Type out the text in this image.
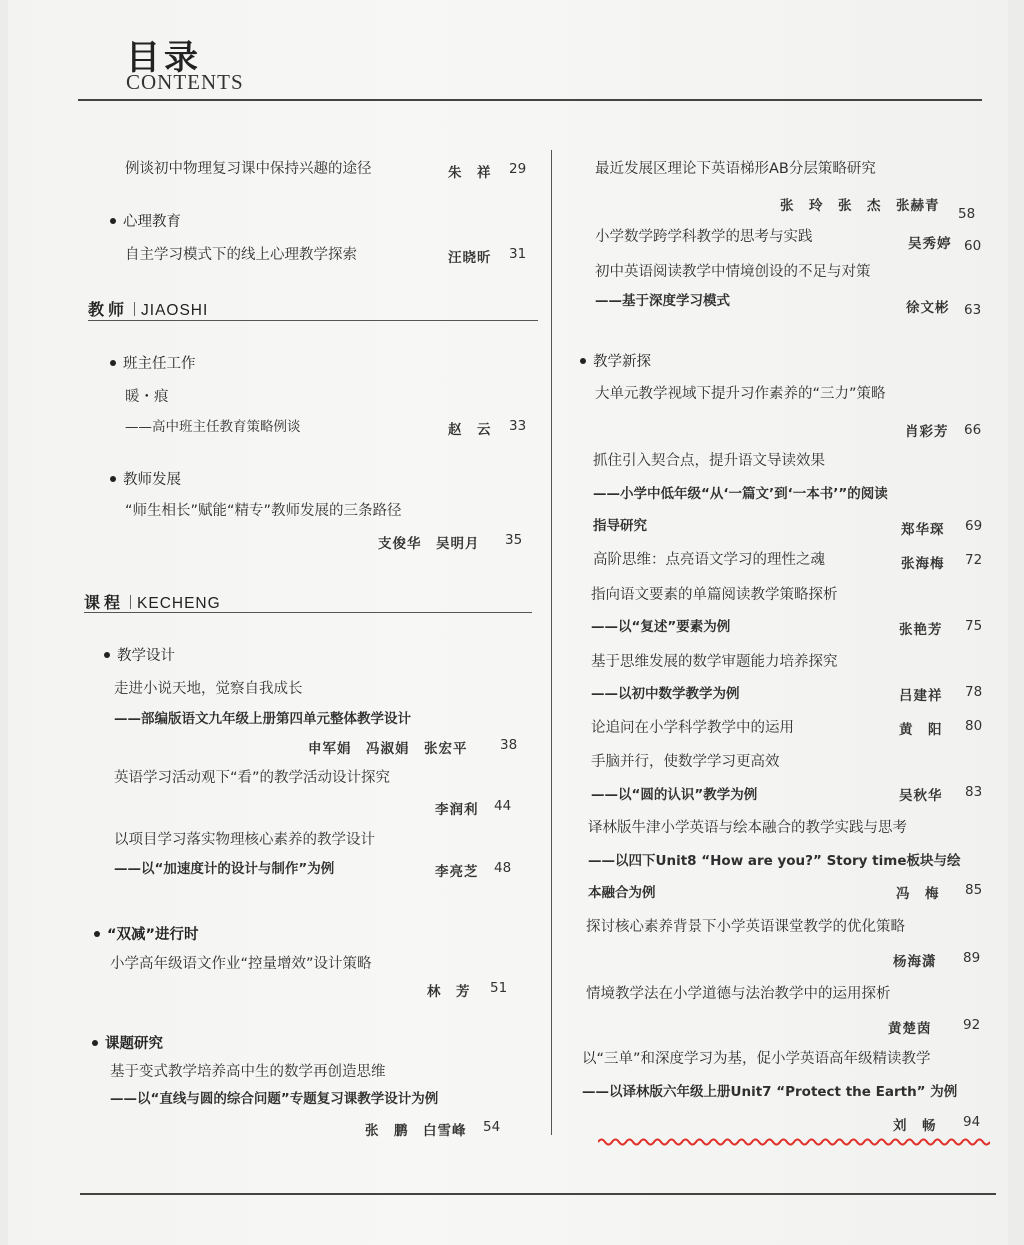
目录
CONTENTS
例谈初中物理复习课中保持兴趣的途径	朱　祥 29
心理教育
自主学习模式下的线上心理教学探索	汪晓昕 31
教师 JIAOSHI
班主任工作
暖・痕
——高中班主任教育策略例谈	赵　云 33
教师发展
“师生相长”赋能“精专”教师发展的三条路径
支俊华　吴明月 35
课程 KECHENG
教学设计
走进小说天地，觉察自我成长
——部编版语文九年级上册第四单元整体教学设计
申军娟　冯淑娟　张宏平 38
英语学习活动观下“看”的教学活动设计探究
李润利 44
以项目学习落实物理核心素养的教学设计
——以“加速度计的设计与制作”为例	李亮芝 48
“双减”进行时
小学高年级语文作业“控量增效”设计策略
林　芳 51
课题研究
基于变式教学培养高中生的数学再创造思维
——以“直线与圆的综合问题”专题复习课教学设计为例
张　鹏　白雪峰 54
最近发展区理论下英语梯形AB分层策略研究
张　玲　张　杰　张赫青 58
小学数学跨学科教学的思考与实践	吴秀婷 60
初中英语阅读教学中情境创设的不足与对策
——基于深度学习模式	徐文彬 63
教学新探
大单元教学视域下提升习作素养的“三力”策略
肖彩芳 66
抓住引入契合点，提升语文导读效果
——小学中低年级“从‘一篇文’到‘一本书’”的阅读
指导研究	郑华琛 69
高阶思维：点亮语文学习的理性之魂	张海梅 72
指向语文要素的单篇阅读教学策略探析
——以“复述”要素为例	张艳芳 75
基于思维发展的数学审题能力培养探究
——以初中数学教学为例	吕建祥 78
论追问在小学科学教学中的运用	黄　阳 80
手脑并行，使数学学习更高效
——以“圆的认识”教学为例	吴秋华 83
译林版牛津小学英语与绘本融合的教学实践与思考
——以四下Unit8 “How are you?” Story time板块与绘
本融合为例	冯　梅 85
探讨核心素养背景下小学英语课堂教学的优化策略
杨海潇 89
情境教学法在小学道德与法治教学中的运用探析
黄楚茵 92
以“三单”和深度学习为基，促小学英语高年级精读教学
——以译林版六年级上册Unit7 “Protect the Earth” 为例
刘　畅 94
